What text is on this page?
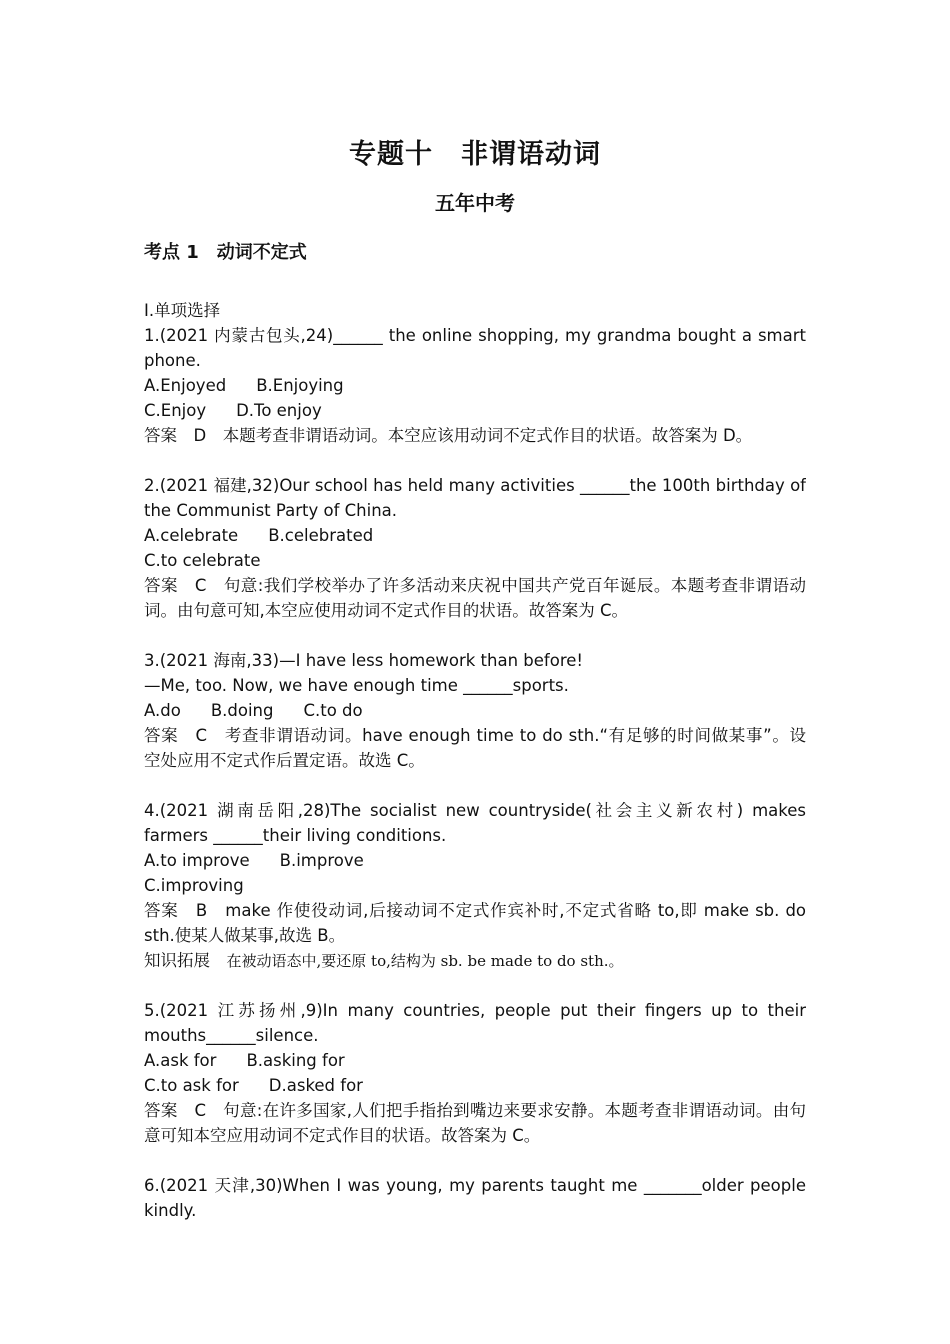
专题十　非谓语动词
五年中考
考点 1　动词不定式
I.单项选择
1.(2021 内蒙古包头,24)______ the online shopping, my grandma bought a smart
phone.
A.Enjoyed B.Enjoying
C.Enjoy D.To enjoy
答案　 D　本题考查非谓语动词。本空应该用动词不定式作目的状语。故答案为 D。
2.(2021 福建,32)Our school has held many activities ______the 100th birthday of
the Communist Party of China.
A.celebrate B.celebrated
C.to celebrate
答案　 C　句意:我们学校举办了许多活动来庆祝中国共产党百年诞辰。本题考查非谓语动
词。由句意可知,本空应使用动词不定式作目的状语。故答案为 C。
3.(2021 海南,33)—I have less homework than before!
—Me, too. Now, we have enough time ______sports.
A.do B.doing C.to do
答案　 C　考查非谓语动词。have enough time to do sth.“有足够的时间做某事”。设
空处应用不定式作后置定语。故选 C。
4.(2021 湖南岳阳,28)The socialist new countryside(社会主义新农村) makes
farmers ______their living conditions.
A.to improve B.improve
C.improving
答案　 B　make 作使役动词,后接动词不定式作宾补时,不定式省略 to,即 make sb. do
sth.使某人做某事,故选 B。
知识拓展　 在被动语态中,要还原 to,结构为 sb. be made to do sth.。
5.(2021 江苏扬州,9)In many countries, people put their fingers up to their
mouths______silence.
A.ask for B.asking for
C.to ask for D.asked for
答案　 C　句意:在许多国家,人们把手指抬到嘴边来要求安静。本题考查非谓语动词。由句
意可知本空应用动词不定式作目的状语。故答案为 C。
6.(2021 天津,30)When I was young, my parents taught me _______older people
kindly.
